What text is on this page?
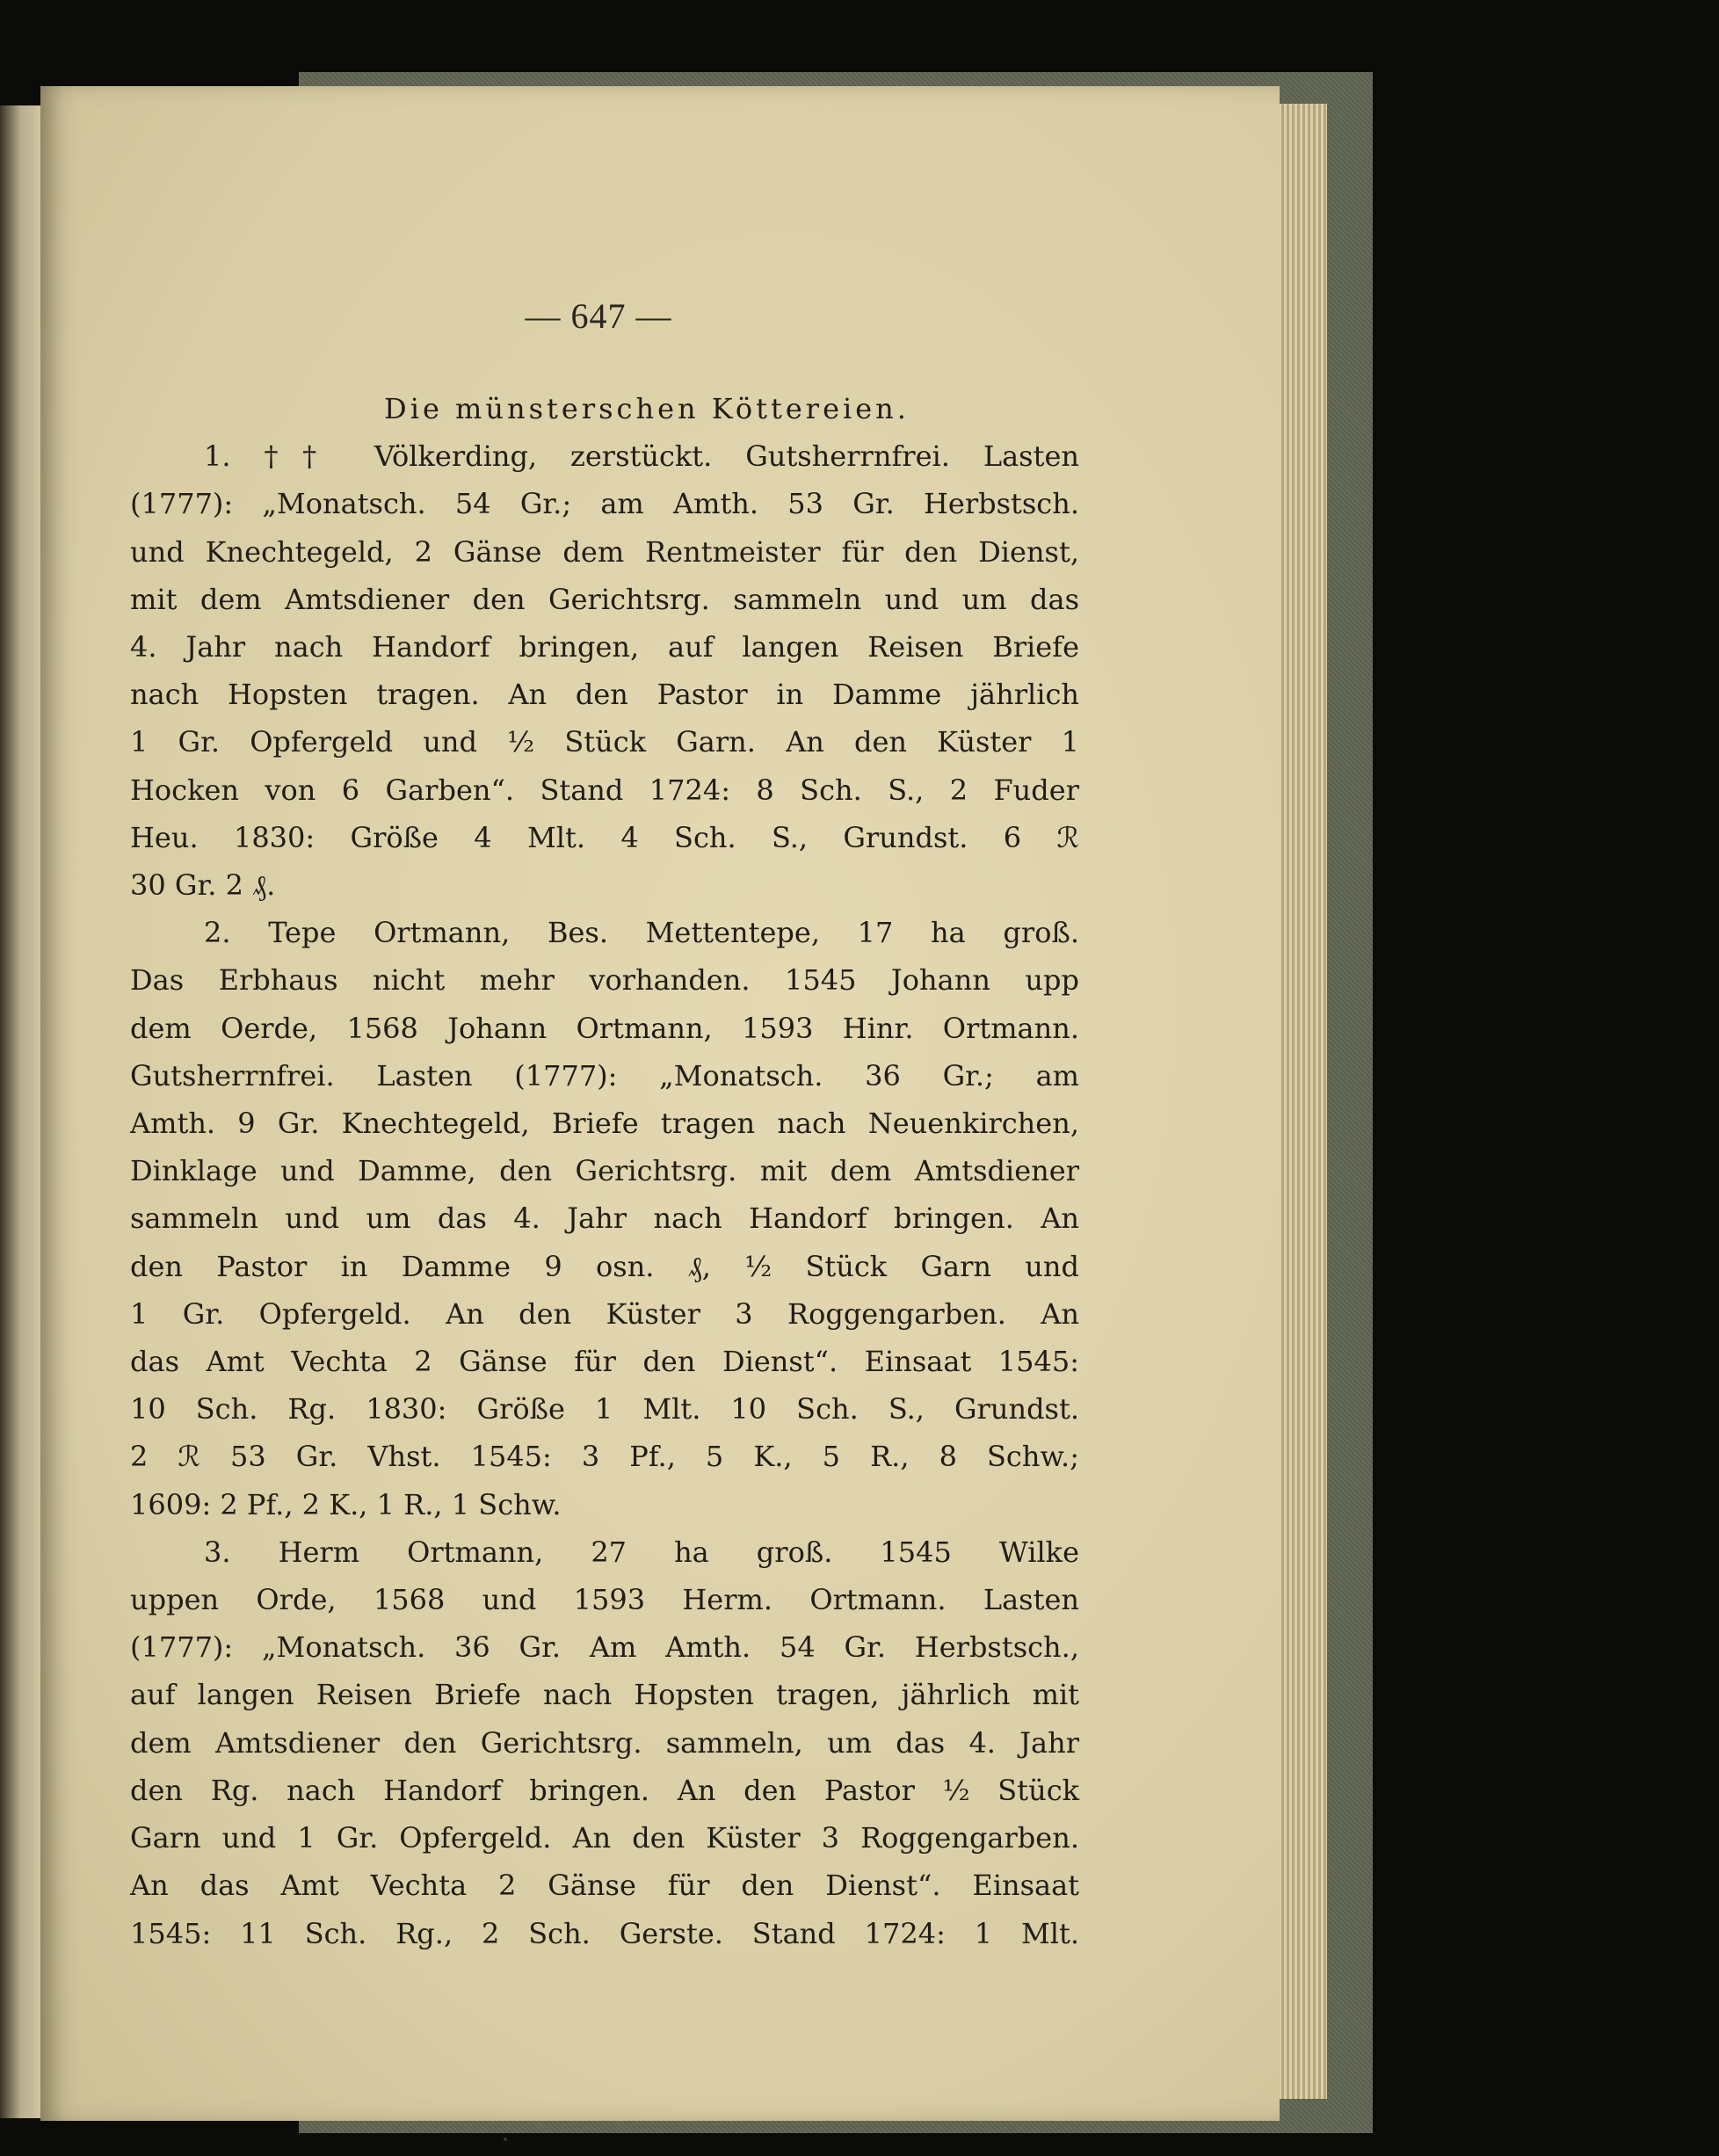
— 647 —
Die münsterschen Köttereien.
1. †† Völkerding, zerstückt. Gutsherrnfrei. Lasten
(1777): „Monatsch. 54 Gr.; am Amth. 53 Gr. Herbstsch.
und Knechtegeld, 2 Gänse dem Rentmeister für den Dienst,
mit dem Amtsdiener den Gerichtsrg. sammeln und um das
4. Jahr nach Handorf bringen, auf langen Reisen Briefe
nach Hopsten tragen. An den Pastor in Damme jährlich
1 Gr. Opfergeld und ½ Stück Garn. An den Küster 1
Hocken von 6 Garben“. Stand 1724: 8 Sch. S., 2 Fuder
Heu. 1830: Größe 4 Mlt. 4 Sch. S., Grundst. 6 ℛ
30 Gr. 2 ₰.
2. Tepe Ortmann, Bes. Mettentepe, 17 ha groß.
Das Erbhaus nicht mehr vorhanden. 1545 Johann upp
dem Oerde, 1568 Johann Ortmann, 1593 Hinr. Ortmann.
Gutsherrnfrei. Lasten (1777): „Monatsch. 36 Gr.; am
Amth. 9 Gr. Knechtegeld, Briefe tragen nach Neuenkirchen,
Dinklage und Damme, den Gerichtsrg. mit dem Amtsdiener
sammeln und um das 4. Jahr nach Handorf bringen. An
den Pastor in Damme 9 osn. ₰, ½ Stück Garn und
1 Gr. Opfergeld. An den Küster 3 Roggengarben. An
das Amt Vechta 2 Gänse für den Dienst“. Einsaat 1545:
10 Sch. Rg. 1830: Größe 1 Mlt. 10 Sch. S., Grundst.
2 ℛ 53 Gr. Vhst. 1545: 3 Pf., 5 K., 5 R., 8 Schw.;
1609: 2 Pf., 2 K., 1 R., 1 Schw.
3. Herm Ortmann, 27 ha groß. 1545 Wilke
uppen Orde, 1568 und 1593 Herm. Ortmann. Lasten
(1777): „Monatsch. 36 Gr. Am Amth. 54 Gr. Herbstsch.,
auf langen Reisen Briefe nach Hopsten tragen, jährlich mit
dem Amtsdiener den Gerichtsrg. sammeln, um das 4. Jahr
den Rg. nach Handorf bringen. An den Pastor ½ Stück
Garn und 1 Gr. Opfergeld. An den Küster 3 Roggengarben.
An das Amt Vechta 2 Gänse für den Dienst“. Einsaat
1545: 11 Sch. Rg., 2 Sch. Gerste. Stand 1724: 1 Mlt.
